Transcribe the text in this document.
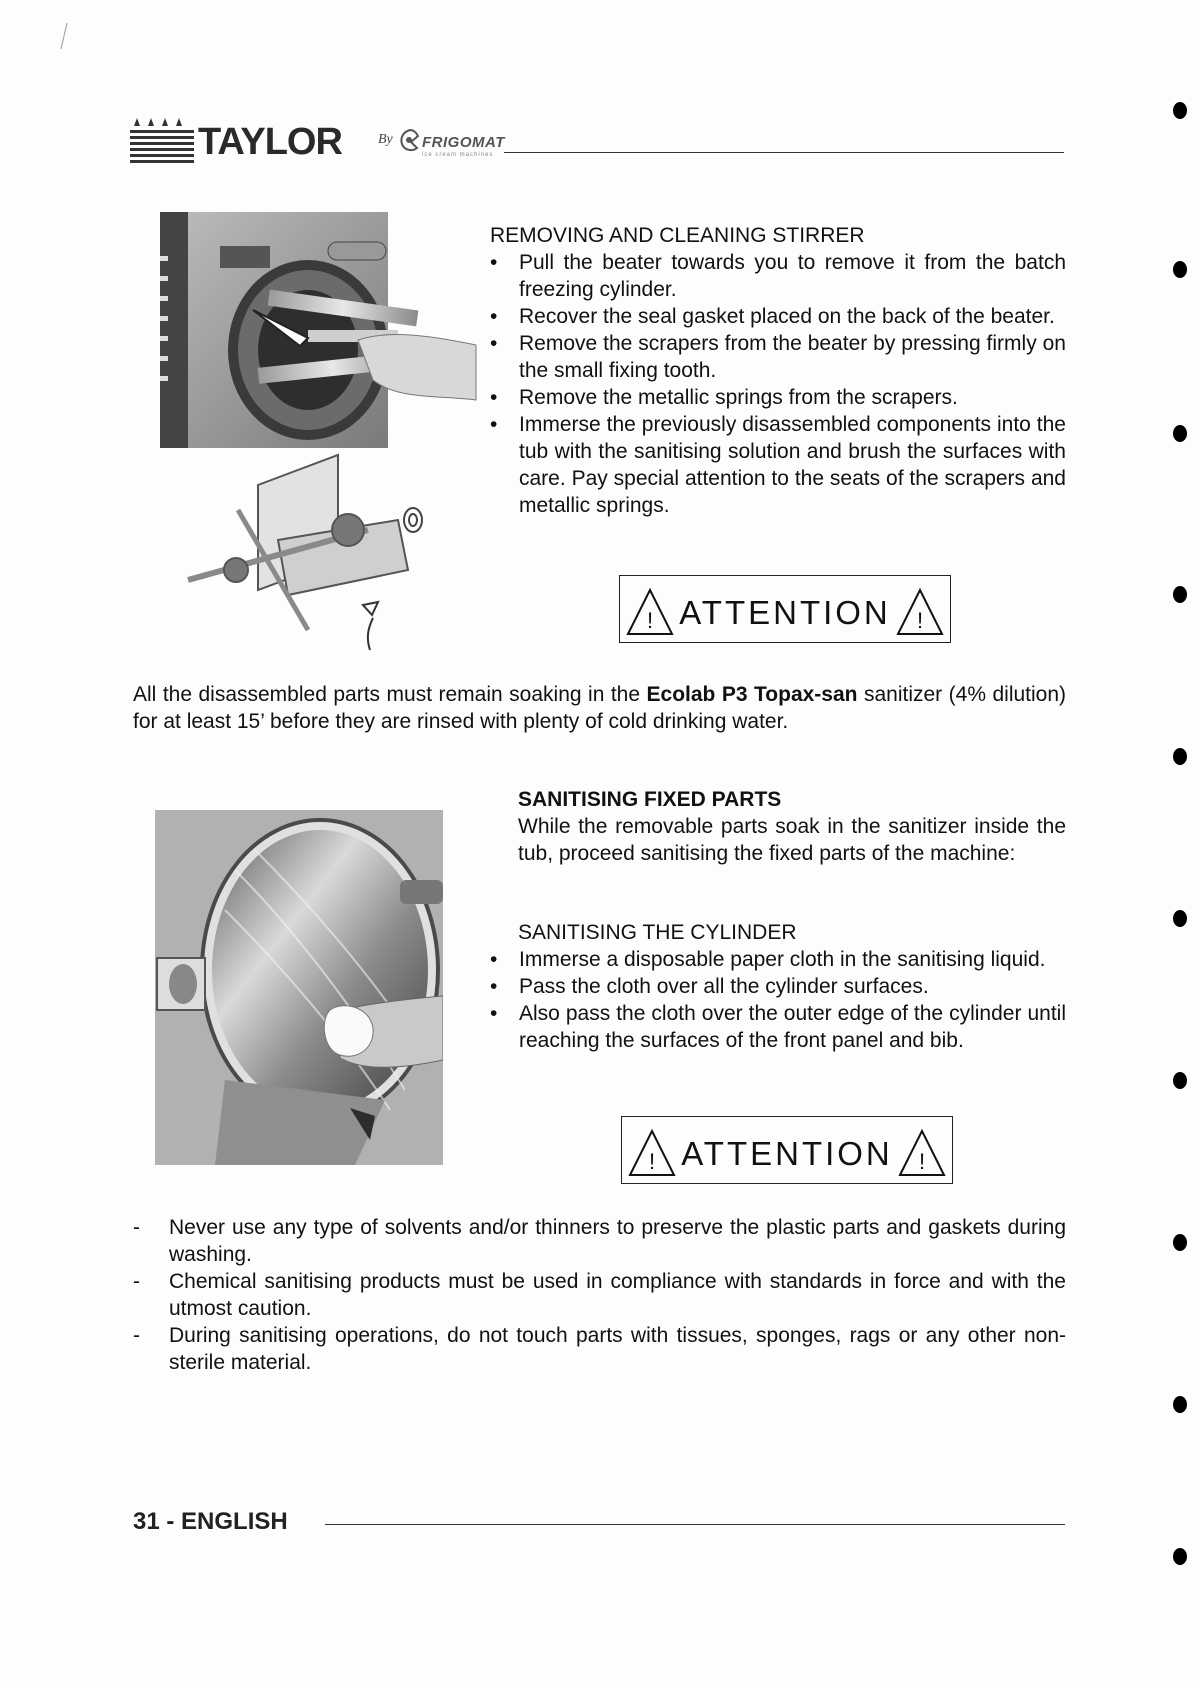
TAYLOR	By FRIGOMAT
ice cream machines
REMOVING AND CLEANING STIRRER
• Pull the beater towards you to remove it from the batch freezing cylinder.
• Recover the seal gasket placed on the back of the beater.
• Remove the scrapers from the beater by pressing firmly on the small fixing tooth.
• Remove the metallic springs from the scrapers.
• Immerse the previously disassembled components into the tub with the sanitising solution and brush the surfaces with care. Pay special attention to the seats of the scrapers and metallic springs.
! ATTENTION !
All the disassembled parts must remain soaking in the Ecolab P3 Topax-san sanitizer (4% dilution) for at least 15’ before they are rinsed with plenty of cold drinking water.
SANITISING FIXED PARTS

While the removable parts soak in the sanitizer inside the tub, proceed sanitising the fixed parts of the machine:

SANITISING THE CYLINDER
• Immerse a disposable paper cloth in the sanitising liquid.
• Pass the cloth over all the cylinder surfaces.
• Also pass the cloth over the outer edge of the cylinder until reaching the surfaces of the front panel and bib.
! ATTENTION !
- Never use any type of solvents and/or thinners to preserve the plastic parts and gaskets during washing.
- Chemical sanitising products must be used in compliance with standards in force and with the utmost caution.
- During sanitising operations, do not touch parts with tissues, sponges, rags or any other non-sterile material.
31 - ENGLISH
